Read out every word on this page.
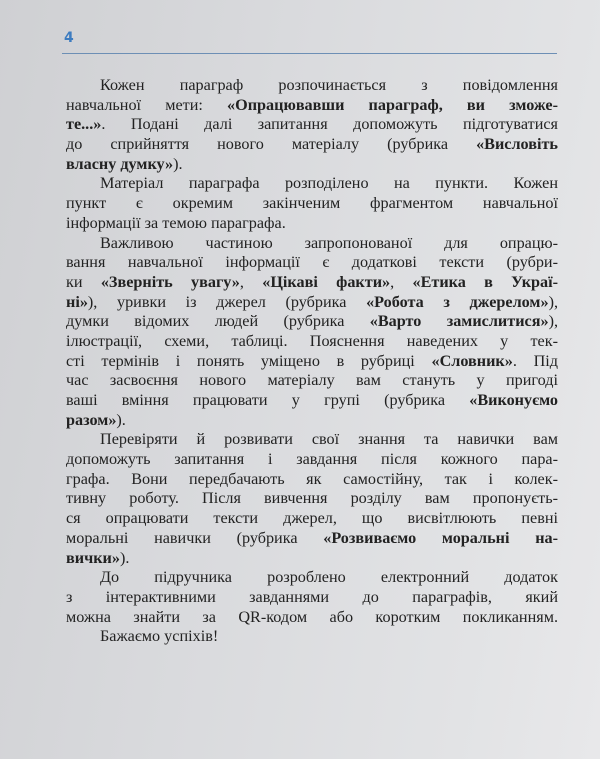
4
Кожен параграф розпочинається з повідомлення
навчальної мети: «Опрацювавши параграф, ви зможе-
те...». Подані далі запитання допоможуть підготуватися
до сприйняття нового матеріалу (рубрика «Висловіть
власну думку»).
Матеріал параграфа розподілено на пункти. Кожен
пункт є окремим закінченим фрагментом навчальної
інформації за темою параграфа.
Важливою частиною запропонованої для опрацю-
вання навчальної інформації є додаткові тексти (рубри-
ки «Зверніть увагу», «Цікаві факти», «Етика в Украї-
ні»), уривки із джерел (рубрика «Робота з джерелом»),
думки відомих людей (рубрика «Варто замислитися»),
ілюстрації, схеми, таблиці. Пояснення наведених у тек-
сті термінів і понять уміщено в рубриці «Словник». Під
час засвоєння нового матеріалу вам стануть у пригоді
ваші вміння працювати у групі (рубрика «Виконуємо
разом»).
Перевіряти й розвивати свої знання та навички вам
допоможуть запитання і завдання після кожного пара-
графа. Вони передбачають як самостійну, так і колек-
тивну роботу. Після вивчення розділу вам пропонуєть-
ся опрацювати тексти джерел, що висвітлюють певні
моральні навички (рубрика «Розвиваємо моральні на-
вички»).
До підручника розроблено електронний додаток
з інтерактивними завданнями до параграфів, який
можна знайти за QR-кодом або коротким покликанням.
Бажаємо успіхів!
